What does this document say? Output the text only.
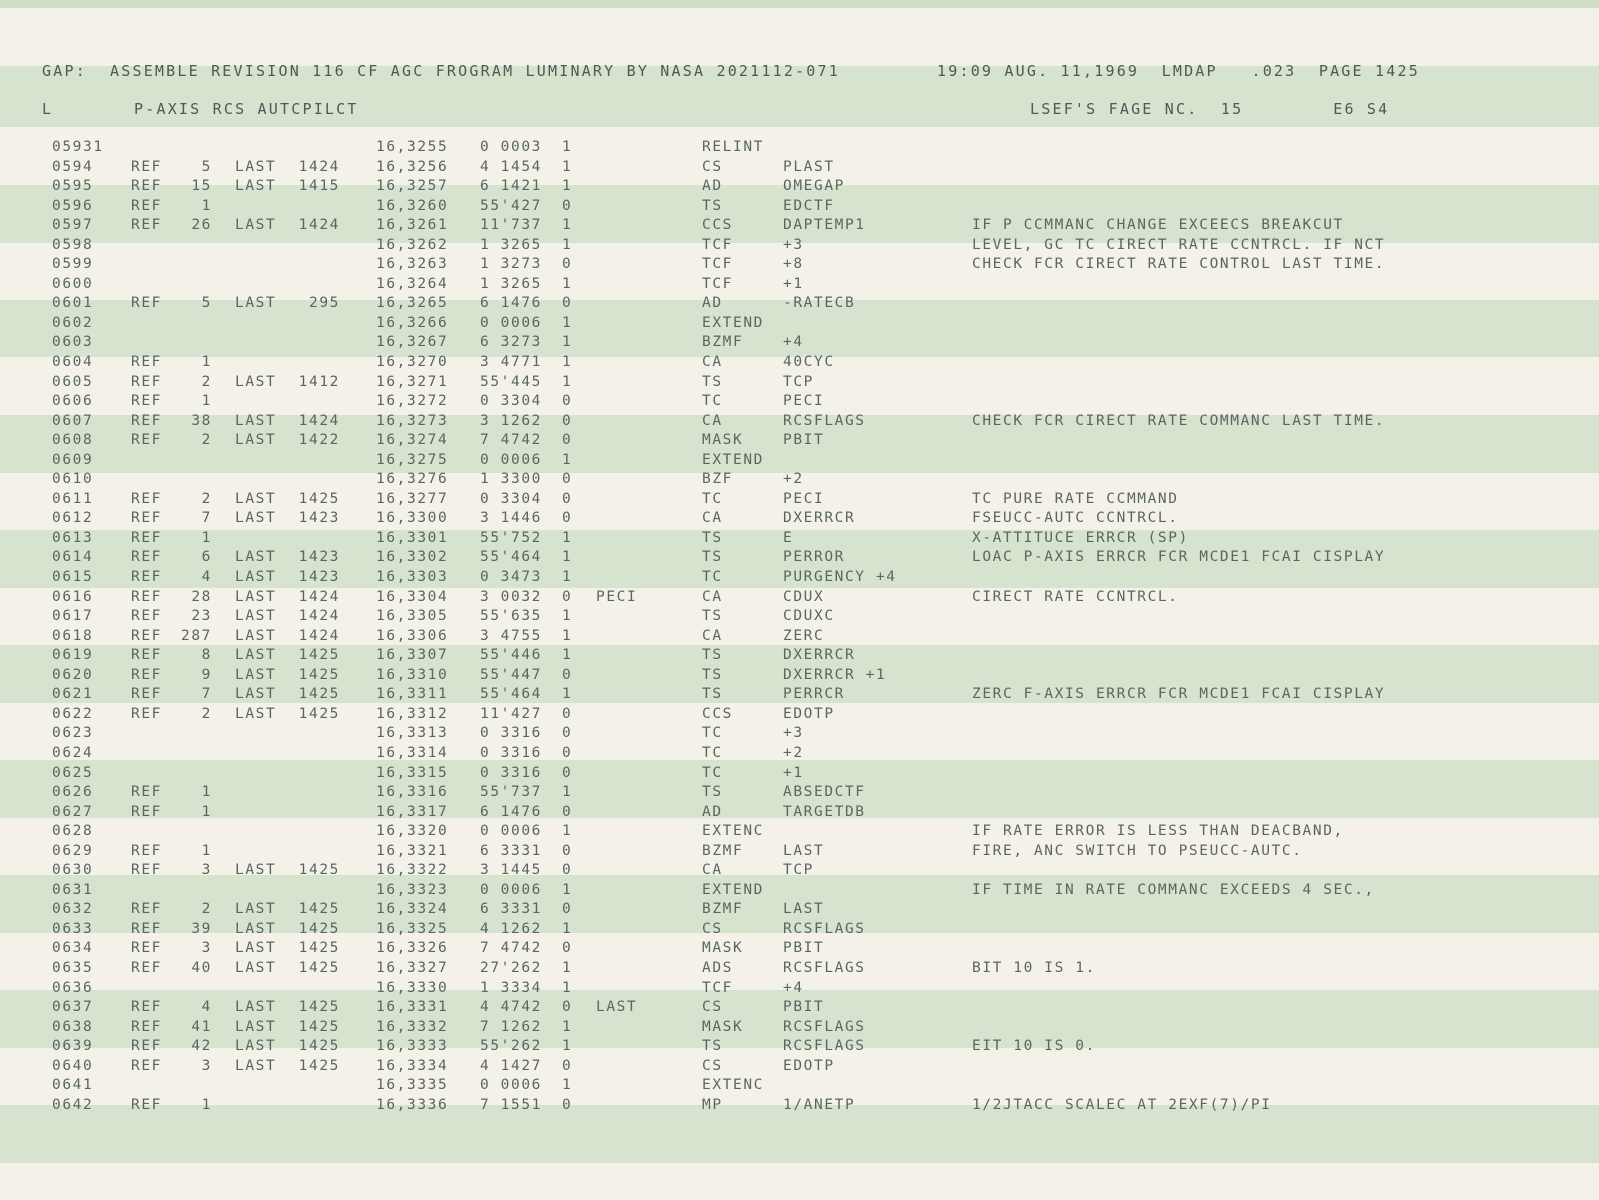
GAP: ASSEMBLE REVISION 116 CF AGC FROGRAM LUMINARY BY NASA 2021112-071	19:09 AUG. 11,1969  LMDAP   .023  PAGE 1425
L	P-AXIS RCS AUTCPILCT	LSEF'S FAGE NC.  15        E6 S4
05931	16,3255 0 0003 1	RELINT
0594	REF	5 LAST	1424 16,3256 4 1454 1	CS	PLAST
0595	REF	15 LAST	1415 16,3257 6 1421 1	AD	OMEGAP
0596	REF	1	16,3260 55'427 0	TS	EDCTF
0597	REF	26 LAST	1424 16,3261 11'737 1	CCS	DAPTEMP1	IF P CCMMANC CHANGE EXCEECS BREAKCUT
0598	16,3262 1 3265 1	TCF	+3	LEVEL, GC TC CIRECT RATE CCNTRCL. IF NCT
0599	16,3263 1 3273 0	TCF	+8	CHECK FCR CIRECT RATE CONTROL LAST TIME.
0600	16,3264 1 3265 1	TCF	+1
0601	REF	5 LAST	295 16,3265 6 1476 0	AD	-RATECB
0602	16,3266 0 0006 1	EXTEND
0603	16,3267 6 3273 1	BZMF	+4
0604	REF	1	16,3270 3 4771 1	CA	40CYC
0605	REF	2 LAST	1412 16,3271 55'445 1	TS	TCP
0606	REF	1	16,3272 0 3304 0	TC	PECI
0607	REF	38 LAST	1424 16,3273 3 1262 0	CA	RCSFLAGS	CHECK FCR CIRECT RATE COMMANC LAST TIME.
0608	REF	2 LAST	1422 16,3274 7 4742 0	MASK	PBIT
0609	16,3275 0 0006 1	EXTEND
0610	16,3276 1 3300 0	BZF	+2
0611	REF	2 LAST	1425 16,3277 0 3304 0	TC	PECI	TC PURE RATE CCMMAND
0612	REF	7 LAST	1423 16,3300 3 1446 0	CA	DXERRCR	FSEUCC-AUTC CCNTRCL.
0613	REF	1	16,3301 55'752 1	TS	E	X-ATTITUCE ERRCR (SP)
0614	REF	6 LAST	1423 16,3302 55'464 1	TS	PERROR	LOAC P-AXIS ERRCR FCR MCDE1 FCAI CISPLAY
0615	REF	4 LAST	1423 16,3303 0 3473 1	TC	PURGENCY +4
0616	REF	28 LAST	1424 16,3304 3 0032 0 PECI	CA	CDUX	CIRECT RATE CCNTRCL.
0617	REF	23 LAST	1424 16,3305 55'635 1	TS	CDUXC
0618	REF	287 LAST	1424 16,3306 3 4755 1	CA	ZERC
0619	REF	8 LAST	1425 16,3307 55'446 1	TS	DXERRCR
0620	REF	9 LAST	1425 16,3310 55'447 0	TS	DXERRCR +1
0621	REF	7 LAST	1425 16,3311 55'464 1	TS	PERRCR	ZERC F-AXIS ERRCR FCR MCDE1 FCAI CISPLAY
0622	REF	2 LAST	1425 16,3312 11'427 0	CCS	EDOTP
0623	16,3313 0 3316 0	TC	+3
0624	16,3314 0 3316 0	TC	+2
0625	16,3315 0 3316 0	TC	+1
0626	REF	1	16,3316 55'737 1	TS	ABSEDCTF
0627	REF	1	16,3317 6 1476 0	AD	TARGETDB
0628	16,3320 0 0006 1	EXTENC	IF RATE ERROR IS LESS THAN DEACBAND,
0629	REF	1	16,3321 6 3331 0	BZMF	LAST	FIRE, ANC SWITCH TO PSEUCC-AUTC.
0630	REF	3 LAST	1425 16,3322 3 1445 0	CA	TCP
0631	16,3323 0 0006 1	EXTEND	IF TIME IN RATE COMMANC EXCEEDS 4 SEC.,
0632	REF	2 LAST	1425 16,3324 6 3331 0	BZMF	LAST
0633	REF	39 LAST	1425 16,3325 4 1262 1	CS	RCSFLAGS
0634	REF	3 LAST	1425 16,3326 7 4742 0	MASK	PBIT
0635	REF	40 LAST	1425 16,3327 27'262 1	ADS	RCSFLAGS	BIT 10 IS 1.
0636	16,3330 1 3334 1	TCF	+4
0637	REF	4 LAST	1425 16,3331 4 4742 0 LAST	CS	PBIT
0638	REF	41 LAST	1425 16,3332 7 1262 1	MASK	RCSFLAGS
0639	REF	42 LAST	1425 16,3333 55'262 1	TS	RCSFLAGS	EIT 10 IS 0.
0640	REF	3 LAST	1425 16,3334 4 1427 0	CS	EDOTP
0641	16,3335 0 0006 1	EXTENC
0642	REF	1	16,3336 7 1551 0	MP	1/ANETP	1/2JTACC SCALEC AT 2EXF(7)/PI
